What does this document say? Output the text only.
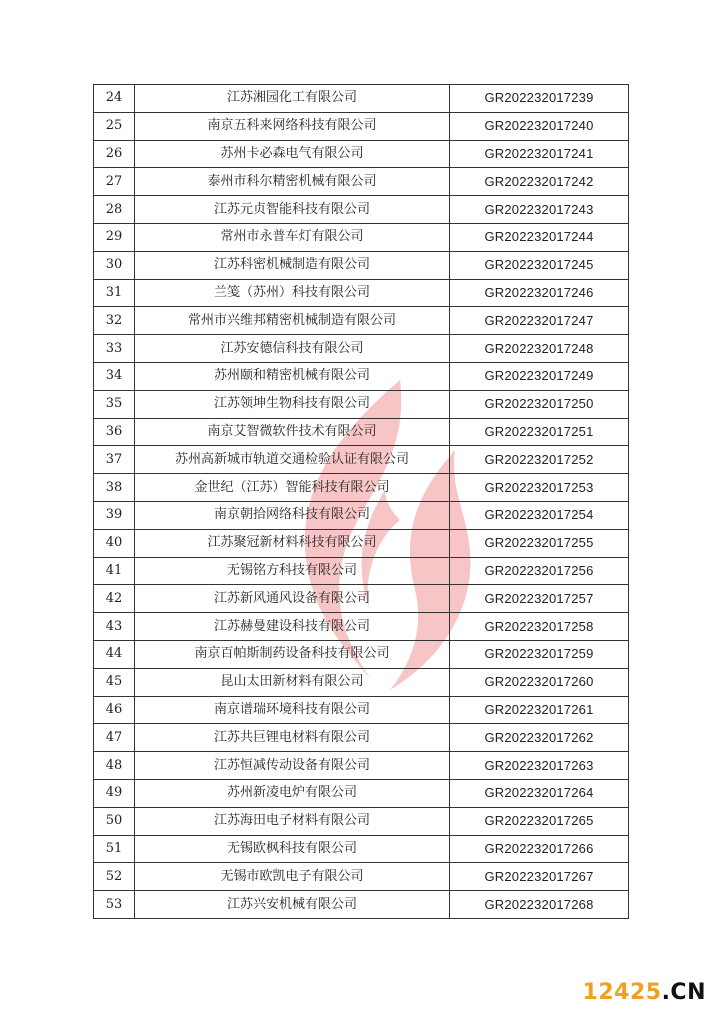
24	江苏湘园化工有限公司	GR202232017239
25	南京五科来网络科技有限公司	GR202232017240
26	苏州卡必森电气有限公司	GR202232017241
27	泰州市科尔精密机械有限公司	GR202232017242
28	江苏元贞智能科技有限公司	GR202232017243
29	常州市永普车灯有限公司	GR202232017244
30	江苏科密机械制造有限公司	GR202232017245
31	兰笺（苏州）科技有限公司	GR202232017246
32	常州市兴维邦精密机械制造有限公司	GR202232017247
33	江苏安德信科技有限公司	GR202232017248
34	苏州颐和精密机械有限公司	GR202232017249
35	江苏领坤生物科技有限公司	GR202232017250
36	南京艾智微软件技术有限公司	GR202232017251
37	苏州高新城市轨道交通检验认证有限公司	GR202232017252
38	金世纪（江苏）智能科技有限公司	GR202232017253
39	南京朝拾网络科技有限公司	GR202232017254
40	江苏聚冠新材料科技有限公司	GR202232017255
41	无锡铭方科技有限公司	GR202232017256
42	江苏新风通风设备有限公司	GR202232017257
43	江苏赫曼建设科技有限公司	GR202232017258
44	南京百帕斯制药设备科技有限公司	GR202232017259
45	昆山太田新材料有限公司	GR202232017260
46	南京谱瑞环境科技有限公司	GR202232017261
47	江苏共巨锂电材料有限公司	GR202232017262
48	江苏恒减传动设备有限公司	GR202232017263
49	苏州新凌电炉有限公司	GR202232017264
50	江苏海田电子材料有限公司	GR202232017265
51	无锡欧枫科技有限公司	GR202232017266
52	无锡市欧凯电子有限公司	GR202232017267
53	江苏兴安机械有限公司	GR202232017268
12425.CN
